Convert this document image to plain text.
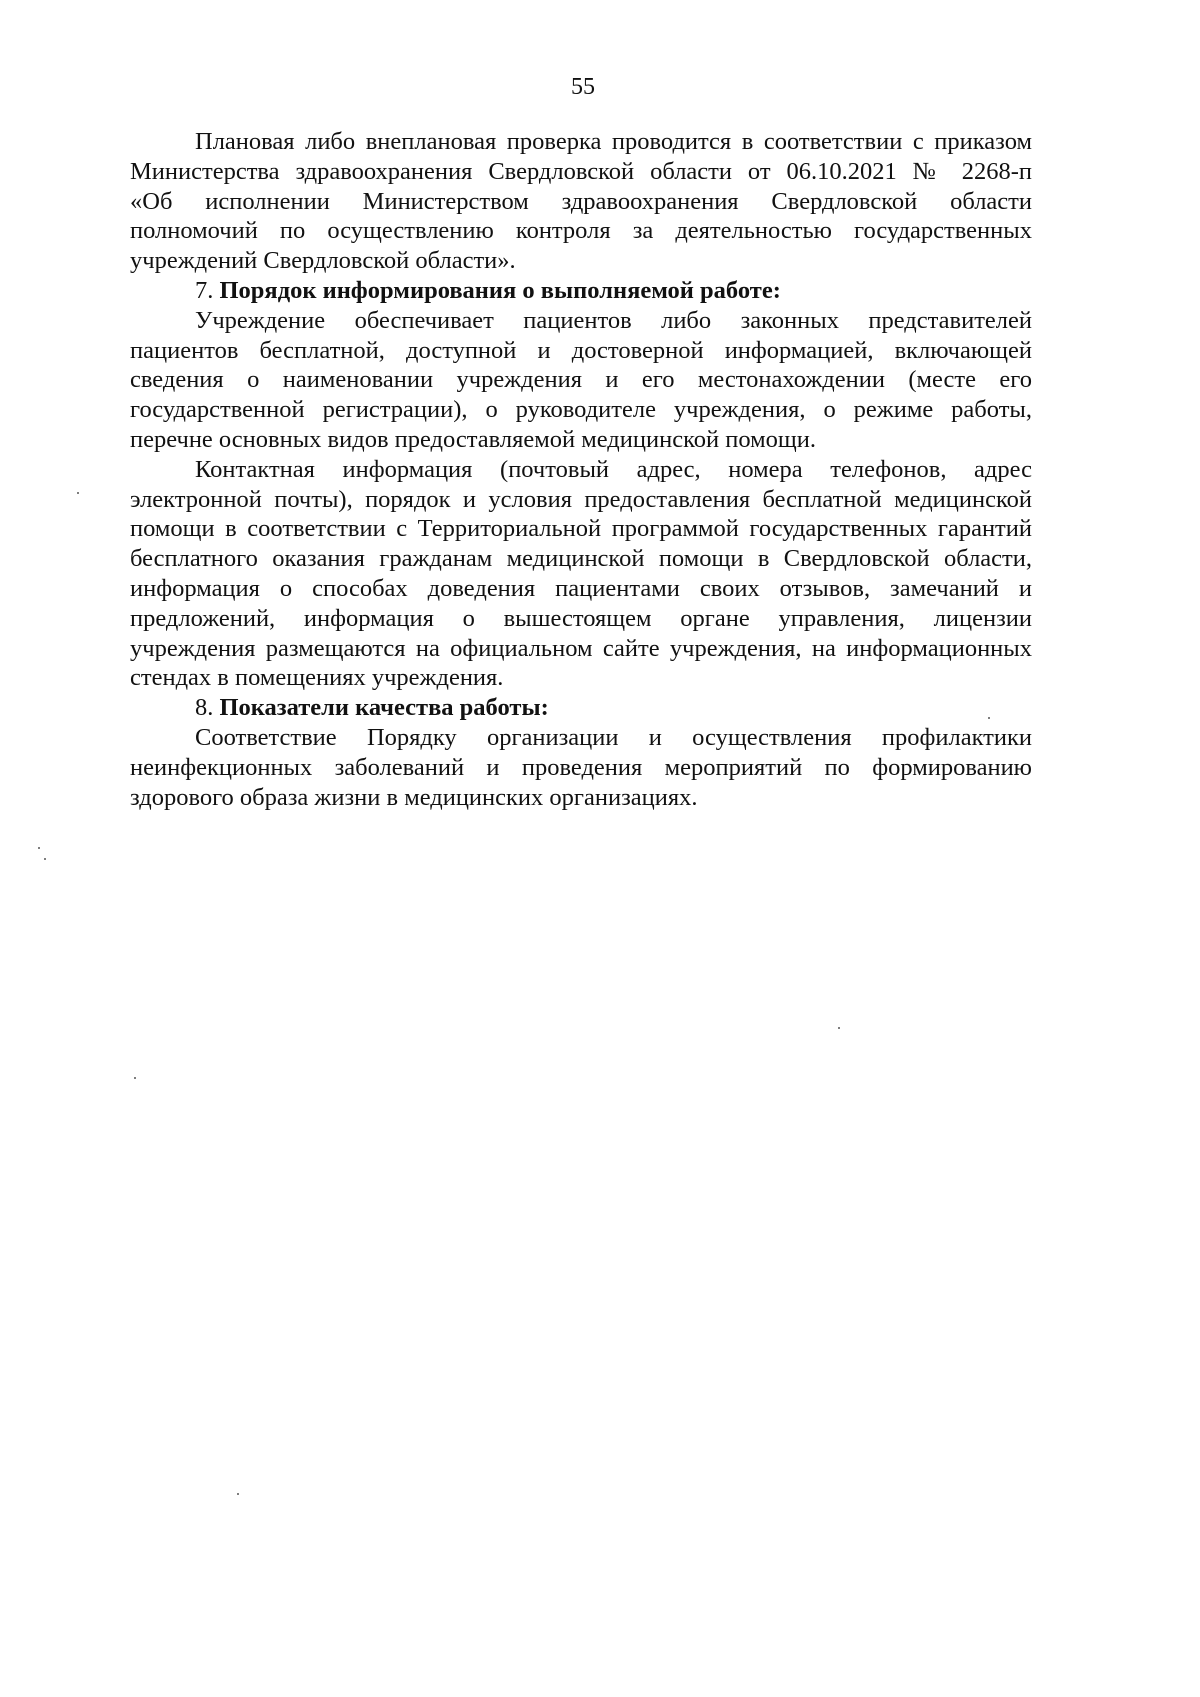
55
Плановая либо внеплановая проверка проводится в соответствии с приказом
Министерства здравоохранения Свердловской области от 06.10.2021 № 2268-п
«Об исполнении Министерством здравоохранения Свердловской области
полномочий по осуществлению контроля за деятельностью государственных
учреждений Свердловской области».
7. Порядок информирования о выполняемой работе:
Учреждение обеспечивает пациентов либо законных представителей
пациентов бесплатной, доступной и достоверной информацией, включающей
сведения о наименовании учреждения и его местонахождении (месте его
государственной регистрации), о руководителе учреждения, о режиме работы,
перечне основных видов предоставляемой медицинской помощи.
Контактная информация (почтовый адрес, номера телефонов, адрес
электронной почты), порядок и условия предоставления бесплатной медицинской
помощи в соответствии с Территориальной программой государственных гарантий
бесплатного оказания гражданам медицинской помощи в Свердловской области,
информация о способах доведения пациентами своих отзывов, замечаний и
предложений, информация о вышестоящем органе управления, лицензии
учреждения размещаются на официальном сайте учреждения, на информационных
стендах в помещениях учреждения.
8. Показатели качества работы:
Соответствие Порядку организации и осуществления профилактики
неинфекционных заболеваний и проведения мероприятий по формированию
здорового образа жизни в медицинских организациях.
